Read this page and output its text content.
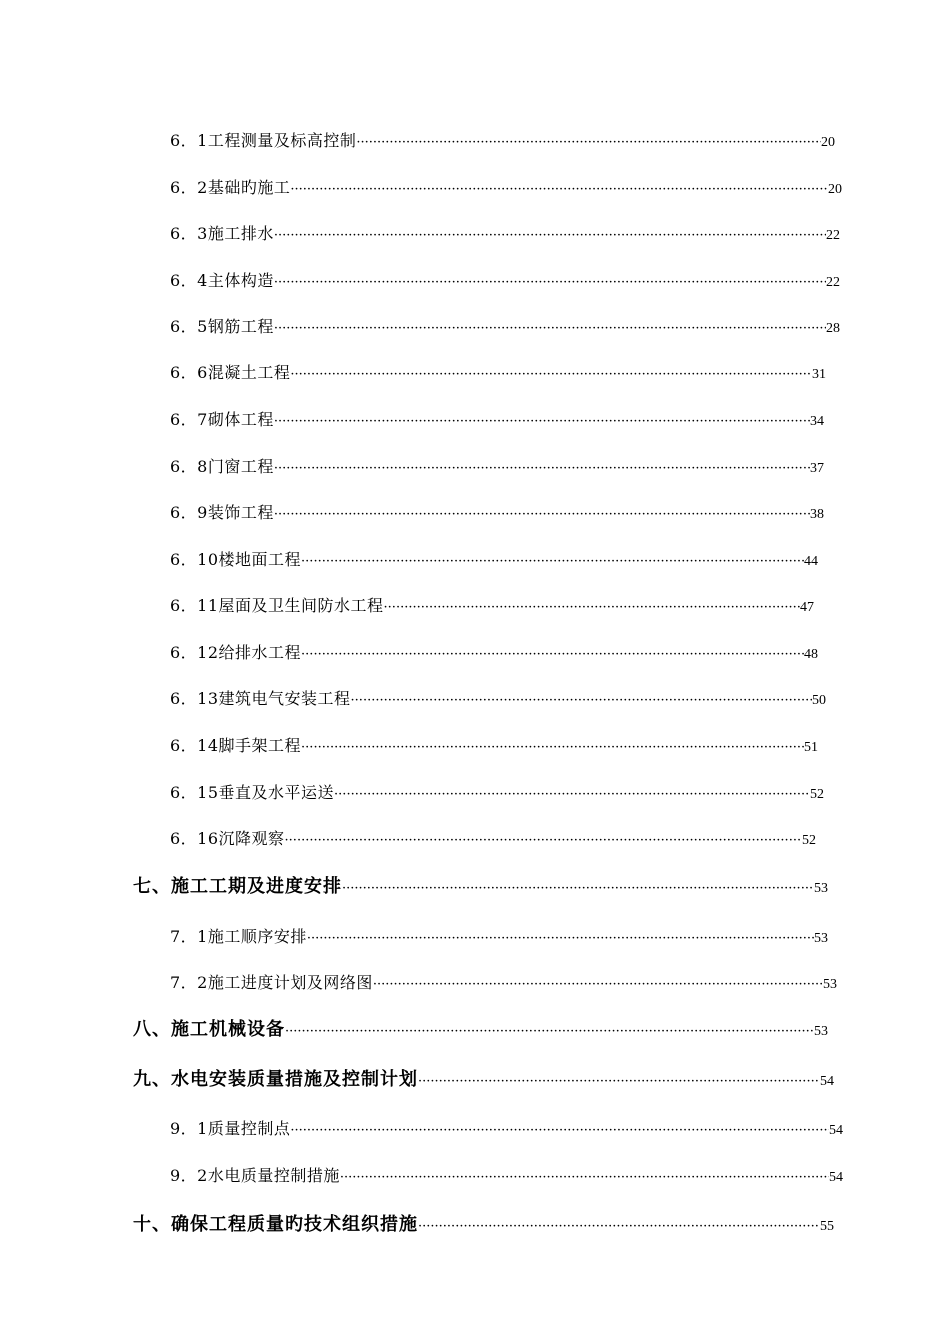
6．1工程测量及标高控制 ·····	20
6．2基础旳施工 ·····	20
6．3施工排水 ·····	22
6．4主体构造 ·····	22
6．5钢筋工程 ·····	28
6．6混凝土工程 ·····	31
6．7砌体工程 ·····	34
6．8门窗工程 ·····	37
6．9装饰工程 ·····	38
6．10楼地面工程 ·····	44
6．11屋面及卫生间防水工程 ·····	47
6．12给排水工程 ·····	48
6．13建筑电气安装工程 ·····	50
6．14脚手架工程 ·····	51
6．15垂直及水平运送 ·····	52
6．16沉降观察 ·····	52
七、施工工期及进度安排 ·····	53
7．1施工顺序安排 ·····	53
7．2施工进度计划及网络图 ·····	53
八、施工机械设备 ·····	53
九、水电安装质量措施及控制计划 ·····	54
9．1质量控制点 ·····	54
9．2水电质量控制措施 ·····	54
十、确保工程质量旳技术组织措施 ·····	55
